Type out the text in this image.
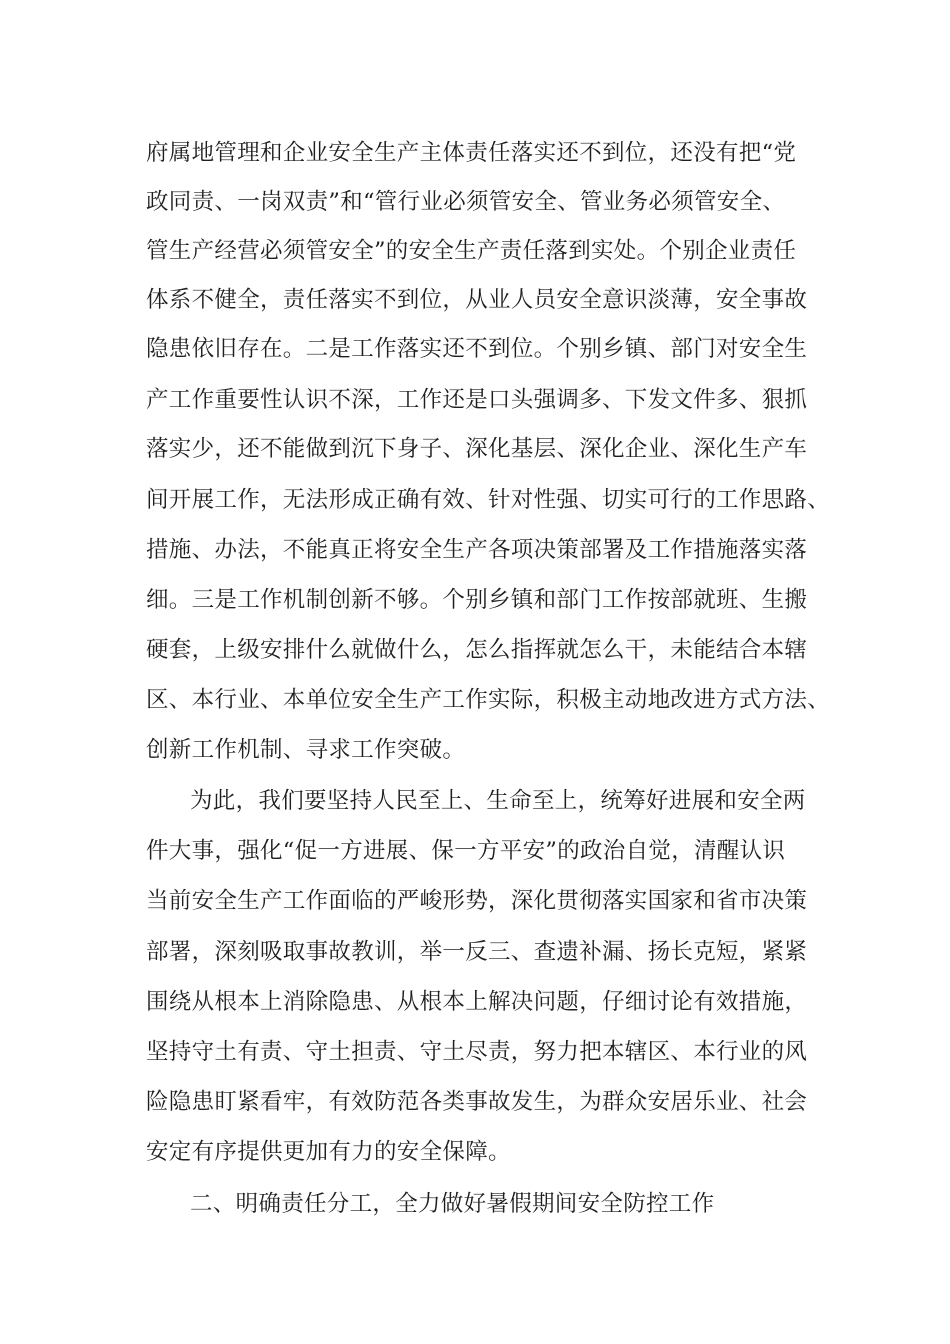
府属地管理和企业安全生产主体责任落实还不到位，还没有把“党
政同责、一岗双责”和“管行业必须管安全、管业务必须管安全、
管生产经营必须管安全”的安全生产责任落到实处。个别企业责任
体系不健全，责任落实不到位，从业人员安全意识淡薄，安全事故
隐患依旧存在。二是工作落实还不到位。个别乡镇、部门对安全生
产工作重要性认识不深，工作还是口头强调多、下发文件多、狠抓
落实少，还不能做到沉下身子、深化基层、深化企业、深化生产车
间开展工作，无法形成正确有效、针对性强、切实可行的工作思路、
措施、办法，不能真正将安全生产各项决策部署及工作措施落实落
细。三是工作机制创新不够。个别乡镇和部门工作按部就班、生搬
硬套，上级安排什么就做什么，怎么指挥就怎么干，未能结合本辖
区、本行业、本单位安全生产工作实际，积极主动地改进方式方法、
创新工作机制、寻求工作突破。
为此，我们要坚持人民至上、生命至上，统筹好进展和安全两
件大事，强化“促一方进展、保一方平安”的政治自觉，清醒认识
当前安全生产工作面临的严峻形势，深化贯彻落实国家和省市决策
部署，深刻吸取事故教训，举一反三、查遗补漏、扬长克短，紧紧
围绕从根本上消除隐患、从根本上解决问题，仔细讨论有效措施，
坚持守土有责、守土担责、守土尽责，努力把本辖区、本行业的风
险隐患盯紧看牢，有效防范各类事故发生，为群众安居乐业、社会
安定有序提供更加有力的安全保障。
二、明确责任分工，全力做好暑假期间安全防控工作
